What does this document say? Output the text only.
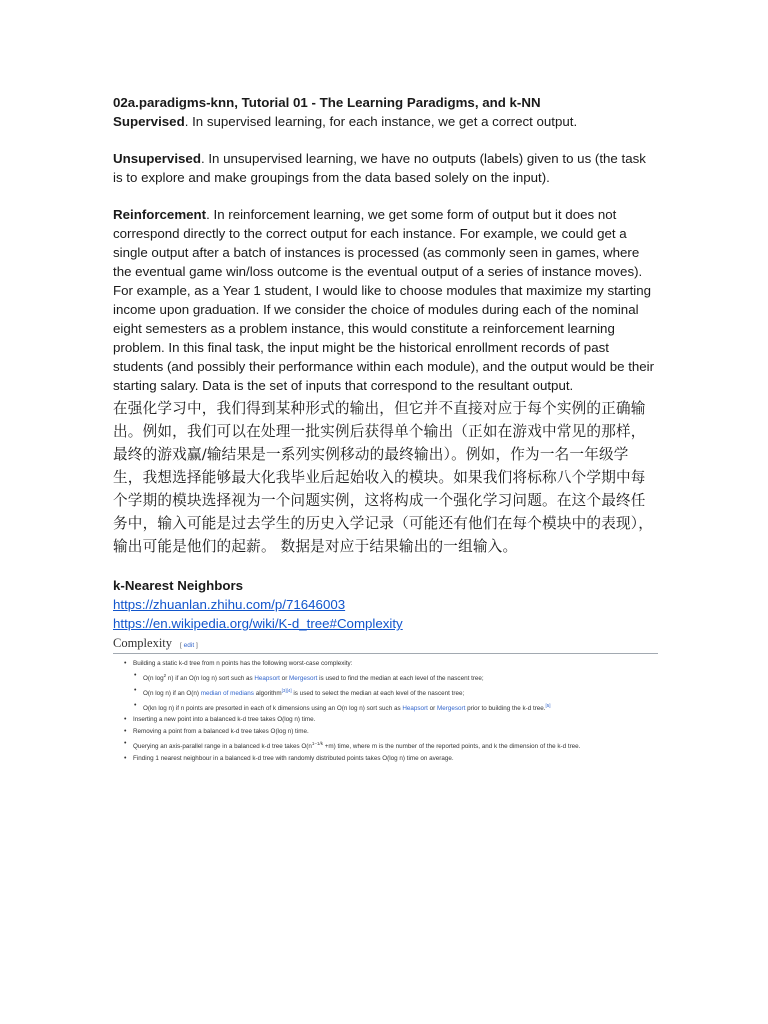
02a.paradigms-knn, Tutorial 01 - The Learning Paradigms, and k-NN

Supervised. In supervised learning, for each instance, we get a correct output.

Unsupervised. In unsupervised learning, we have no outputs (labels) given to us (the task is to explore and make groupings from the data based solely on the input).

Reinforcement. In reinforcement learning, we get some form of output but it does not correspond directly to the correct output for each instance. For example, we could get a single output after a batch of instances is processed (as commonly seen in games, where the eventual game win/loss outcome is the eventual output of a series of instance moves). For example, as a Year 1 student, I would like to choose modules that maximize my starting income upon graduation. If we consider the choice of modules during each of the nominal eight semesters as a problem instance, this would constitute a reinforcement learning problem. In this final task, the input might be the historical enrollment records of past students (and possibly their performance within each module), and the output would be their starting salary. Data is the set of inputs that correspond to the resultant output.

在强化学习中，我们得到某种形式的输出，但它并不直接对应于每个实例的正确输出。例如，我们可以在处理一批实例后获得单个输出（正如在游戏中常见的那样，最终的游戏赢/输结果是一系列实例移动的最终输出）。例如，作为一名一年级学生，我想选择能够最大化我毕业后起始收入的模块。如果我们将标称八个学期中每个学期的模块选择视为一个问题实例，这将构成一个强化学习问题。在这个最终任务中，输入可能是过去学生的历史入学记录（可能还有他们在每个模块中的表现），输出可能是他们的起薪。 数据是对应于结果输出的一组输入。

k-Nearest Neighbors

https://zhuanlan.zhihu.com/p/71646003
https://en.wikipedia.org/wiki/K-d_tree#Complexity
Complexity [ edit ]
• Building a static k-d tree from n points has the following worst-case complexity:
• O(n $\log^2 n$) if an O(n log n) sort such as Heapsort or Mergesort is used to find the median at each level of the nascent tree;
• O(n log n) if an O(n) median of medians algorithm[3][4] is used to select the median at each level of the nascent tree;
• O(kn log n) if n points are presorted in each of k dimensions using an O(n log n) sort such as Heapsort or Mergesort prior to building the k-d tree.[5]
• Inserting a new point into a balanced k-d tree takes O(log n) time.
• Removing a point from a balanced k-d tree takes O(log n) time.
• Querying an axis-parallel range in a balanced k-d tree takes $O(n^{1-1/k} +m)$ time, where m is the number of the reported points, and k the dimension of the k-d tree.
• Finding 1 nearest neighbour in a balanced k-d tree with randomly distributed points takes O(log n) time on average.
